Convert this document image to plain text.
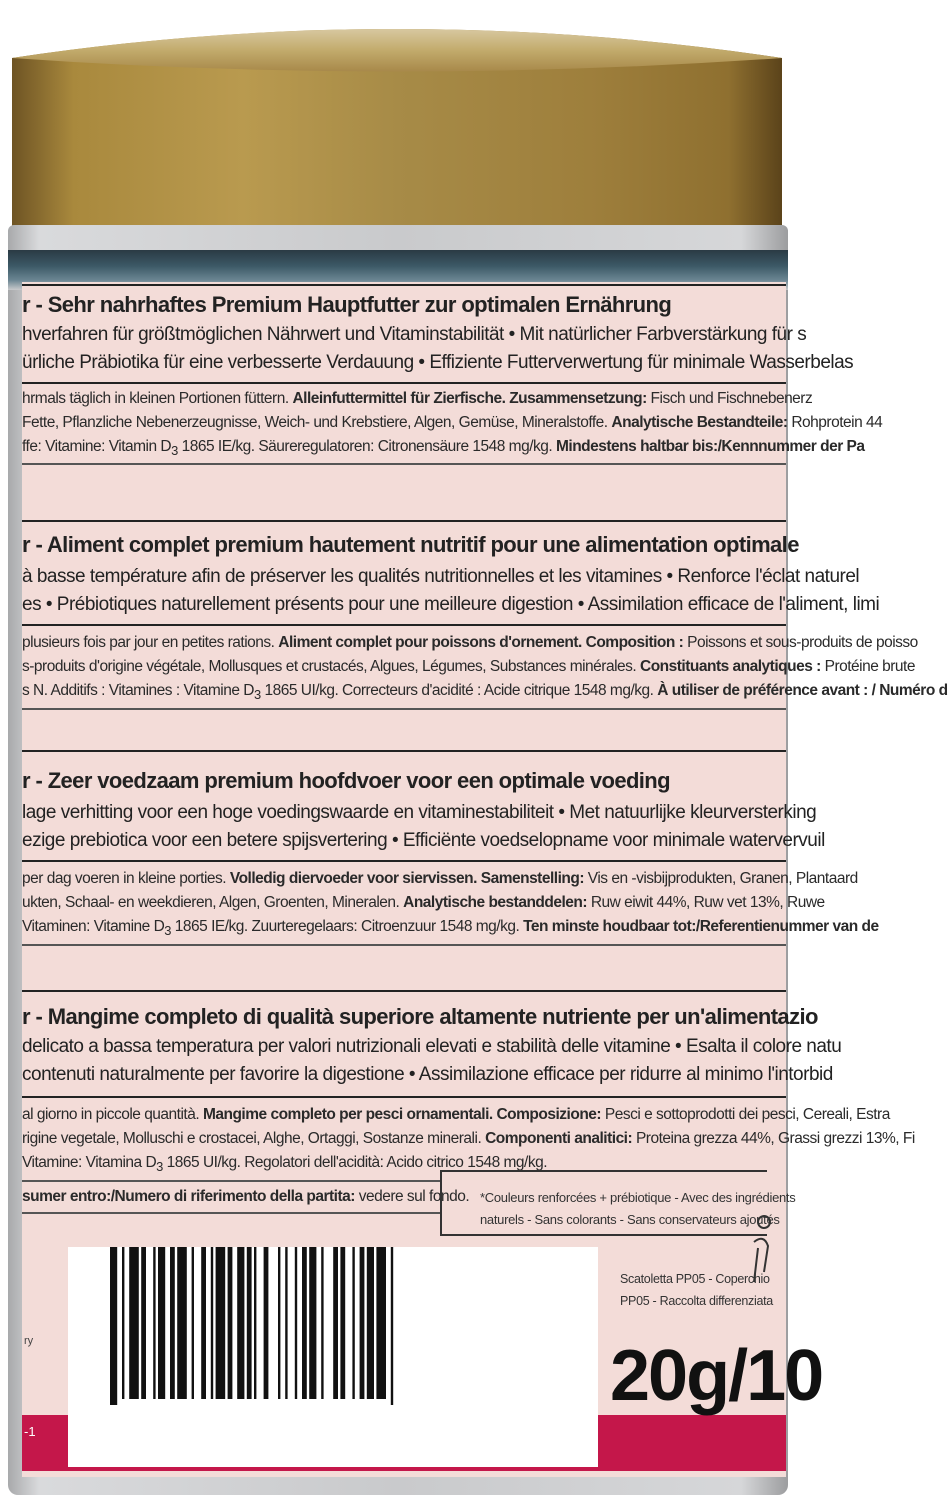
r - Sehr nahrhaftes Premium Hauptfutter zur optimalen Ernährung
hverfahren für größtmöglichen Nährwert und Vitaminstabilität • Mit natürlicher Farbverstärkung für s
ürliche Präbiotika für eine verbesserte Verdauung • Effiziente Futterverwertung für minimale Wasserbelas
hrmals täglich in kleinen Portionen füttern. Alleinfuttermittel für Zierfische. Zusammensetzung: Fisch und Fischnebenerz
Fette, Pflanzliche Nebenerzeugnisse, Weich- und Krebstiere, Algen, Gemüse, Mineralstoffe. Analytische Bestandteile: Rohprotein 44
ffe: Vitamine: Vitamin $D_3$ 1865 IE/kg. Säureregulatoren: Citronensäure 1548 mg/kg. Mindestens haltbar bis:/Kennnummer der Pa
r - Aliment complet premium hautement nutritif pour une alimentation optimale
à basse température afin de préserver les qualités nutritionnelles et les vitamines • Renforce l'éclat naturel
es • Prébiotiques naturellement présents pour une meilleure digestion • Assimilation efficace de l'aliment, limi
plusieurs fois par jour en petites rations. Aliment complet pour poissons d'ornement. Composition : Poissons et sous-produits de poisso
s-produits d'origine végétale, Mollusques et crustacés, Algues, Légumes, Substances minérales. Constituants analytiques : Protéine brute
s N. Additifs : Vitamines : Vitamine $D_3$ 1865 UI/kg. Correcteurs d'acidité : Acide citrique 1548 mg/kg. À utiliser de préférence avant : / Numéro d
r - Zeer voedzaam premium hoofdvoer voor een optimale voeding
lage verhitting voor een hoge voedingswaarde en vitaminestabiliteit • Met natuurlijke kleurversterking
ezige prebiotica voor een betere spijsvertering • Efficiënte voedselopname voor minimale watervervuil
per dag voeren in kleine porties. Volledig diervoeder voor siervissen. Samenstelling: Vis en -visbijprodukten, Granen, Plantaard
ukten, Schaal- en weekdieren, Algen, Groenten, Mineralen. Analytische bestanddelen: Ruw eiwit 44%, Ruw vet 13%, Ruwe
Vitaminen: Vitamine $D_3$ 1865 IE/kg. Zuurteregelaars: Citroenzuur 1548 mg/kg. Ten minste houdbaar tot:/Referentienummer van de
r - Mangime completo di qualità superiore altamente nutriente per un'alimentazio
delicato a bassa temperatura per valori nutrizionali elevati e stabilità delle vitamine • Esalta il colore natu
contenuti naturalmente per favorire la digestione • Assimilazione efficace per ridurre al minimo l'intorbid
al giorno in piccole quantità. Mangime completo per pesci ornamentali. Composizione: Pesci e sottoprodotti dei pesci, Cereali, Estra
rigine vegetale, Molluschi e crostacei, Alghe, Ortaggi, Sostanze minerali. Componenti analitici: Proteina grezza 44%, Grassi grezzi 13%, Fi
Vitamine: Vitamina $D_3$ 1865 UI/kg. Regolatori dell'acidità: Acido citrico 1548 mg/kg.
sumer entro:/Numero di riferimento della partita: vedere sul fondo. *Couleurs renforcées + prébiotique - Avec des ingrédients
naturels - Sans colorants - Sans conservateurs ajoutés
Scatoletta PP05 - Coperchio
PP05 - Raccolta differenziata
20g/10
ry
-1
